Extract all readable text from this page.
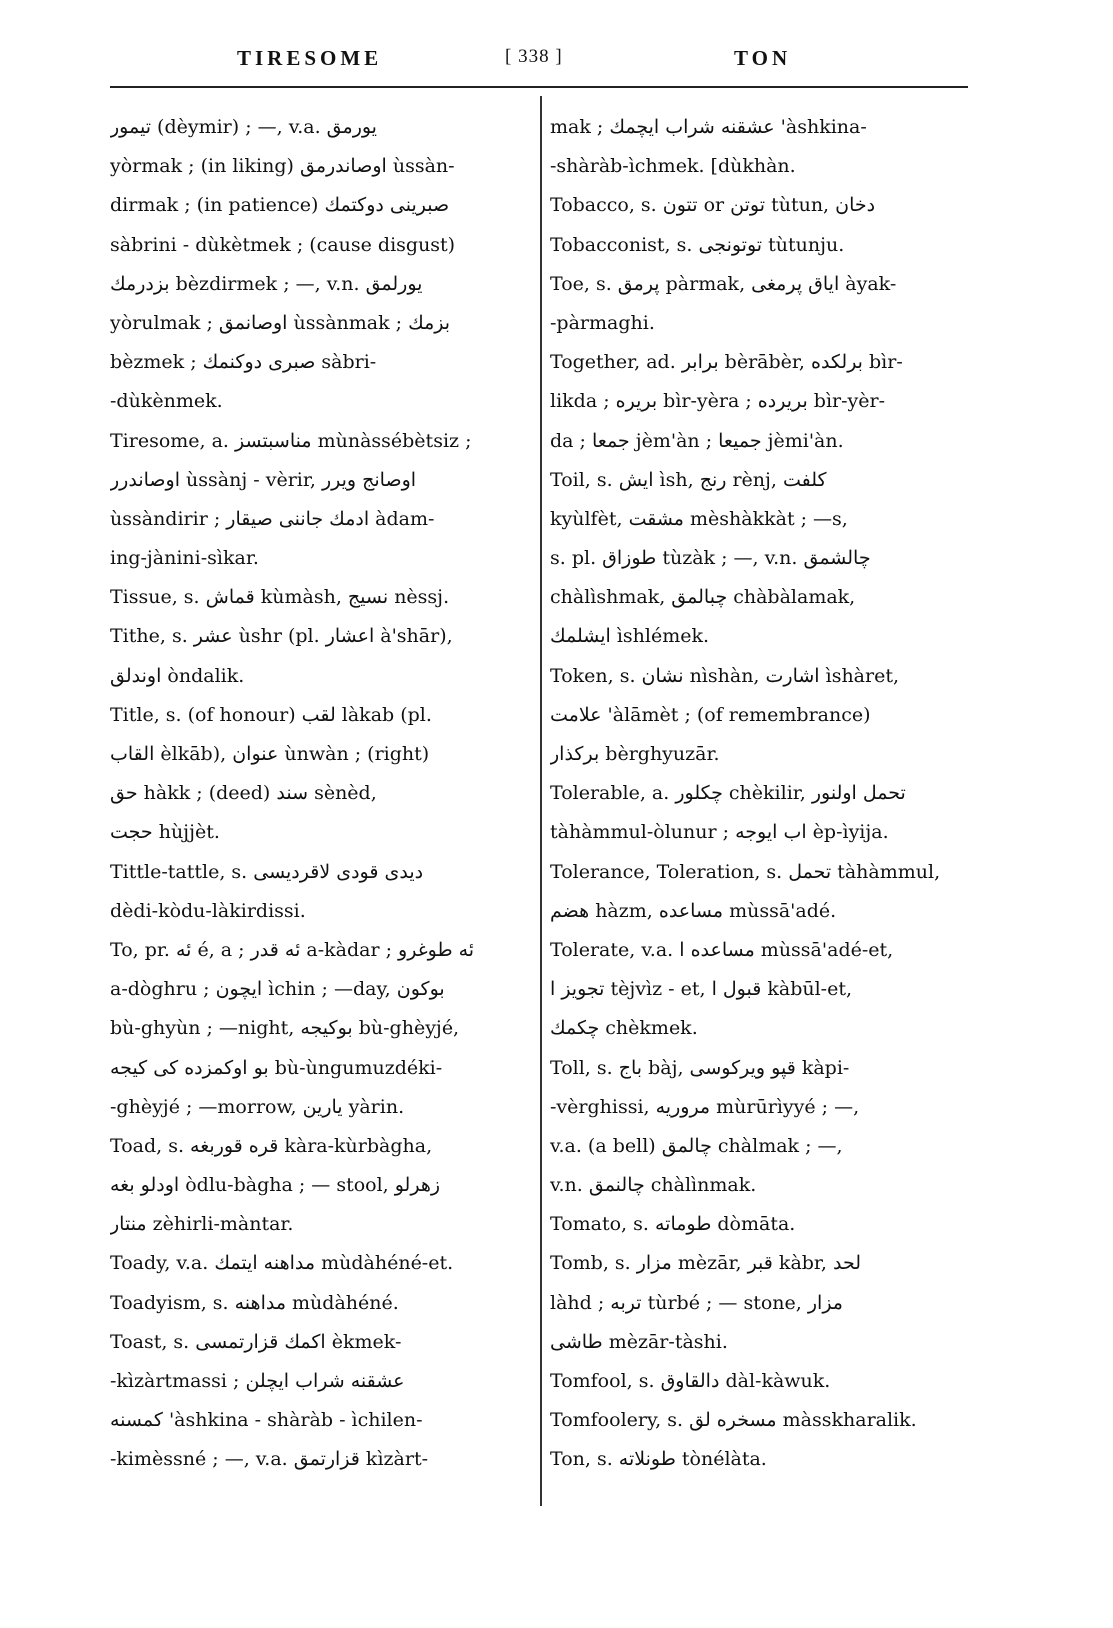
TIRESOME	[ 338 ]	TON
تیمور (dèymir) ; —, v.a. یورمق
yòrmak ; (in liking) اوصاندرمق ùssàn-
dirmak ; (in patience) صبرینی دوکتمك
sàbrini - dùkètmek ; (cause disgust)
بزدرمك bèzdirmek ; —, v.n. یورلمق
yòrulmak ; اوصانمق ùssànmak ; بزمك
bèzmek ; صبری دوکنمك sàbri-
-dùkènmek.
Tiresome, a. مناسبتسز mùnàssébètsiz ;
اوصاندرر ùssànj - vèrir, اوصانج ویرر
ùssàndirir ; ادمك جاننی صیقار àdam-
ing-jànini-sìkar.
Tissue, s. قماش kùmàsh, نسیج nèssj.
Tithe, s. عشر ùshr (pl. اعشار à'shār),
اوندلق òndalik.
Title, s. (of honour) لقب làkab (pl.
القاب èlkāb), عنوان ùnwàn ; (right)
حق hàkk ; (deed) سند sènèd,
حجت hùjjèt.
Tittle-tattle, s. دیدی قودی لاقردیسی
dèdi-kòdu-làkirdissi.
To, pr. ئه é, a ; ئه قدر a-kàdar ; ئه طوغرو
a-dòghru ; ایچون ìchin ; —day, بوکون
bù-ghyùn ; —night, بوکیجه bù-ghèyjé,
بو اوکمزده کی کیجه bù-ùngumuzdéki-
-ghèyjé ; —morrow, یارین yàrin.
Toad, s. قره قوربغه kàra-kùrbàgha,
اودلو بغه òdlu-bàgha ; — stool, زهرلو
منتار zèhirli-màntar.
Toady, v.a. مداهنه ایتمك mùdàhéné-et.
Toadyism, s. مداهنه mùdàhéné.
Toast, s. اکمك قزارتمسی èkmek-
-kìzàrtmassi ; عشقنه شراب ایچلن
کمسنه 'àshkina - shàràb - ìchilen-
-kimèssné ; —, v.a. قزارتمق kìzàrt-
mak ; عشقنه شراب ایچمك 'àshkina-
-shàràb-ìchmek. [dùkhàn.
Tobacco, s. تتون or توتن tùtun, دخان
Tobacconist, s. توتونجی tùtunju.
Toe, s. پرمق pàrmak, ایاق پرمغی àyak-
-pàrmaghi.
Together, ad. برابر bèrābèr, برلكده bìr-
likda ; بریره bìr-yèra ; بریرده bìr-yèr-
da ; جمعا jèm'àn ; جمیعا jèmi'àn.
Toil, s. ایش ìsh, رنج rènj, کلفت
kyùlfèt, مشقت mèshàkkàt ; —s,
s. pl. طوزاق tùzàk ; —, v.n. چالشمق
chàlìshmak, چبالمق chàbàlamak,
ایشلمك ìshlémek.
Token, s. نشان nìshàn, اشارت ìshàret,
علامت 'àlāmèt ; (of remembrance)
برکذار bèrghyuzār.
Tolerable, a. چکلور chèkilir, تحمل اولنور
tàhàmmul-òlunur ; اب ایوجه èp-ìyija.
Tolerance, Toleration, s. تحمل tàhàmmul,
هضم hàzm, مساعده mùssā'adé.
Tolerate, v.a. مساعده ا mùssā'adé-et,
تجویز ا tèjvìz - et, قبول ا kàbūl-et,
چکمك chèkmek.
Toll, s. باج bàj, قپو ویرکوسی kàpi-
-vèrghissi, مروریه mùrūrìyyé ; —,
v.a. (a bell) چالمق chàlmak ; —,
v.n. چالنمق chàlìnmak.
Tomato, s. طوماته dòmāta.
Tomb, s. مزار mèzār, قبر kàbr, لحد
làhd ; تربه tùrbé ; — stone, مزار
طاشی mèzār-tàshi.
Tomfool, s. دالقاوق dàl-kàwuk.
Tomfoolery, s. مسخره لق màsskharalik.
Ton, s. طونلاته tònélàta.
